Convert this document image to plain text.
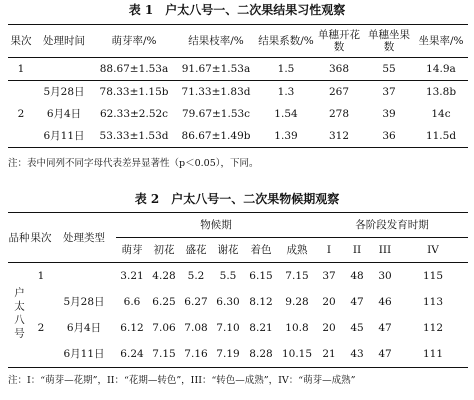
表 1　户太八号一、二次果结果习性观察
果次	处理时间	萌芽率/%	结果枝率/%	结果系数/%	单穗开花数	单穗坐果数	坐果率/%
1		88.67±1.53a	91.67±1.53a	1.5	368	55	14.9a
2	5月28日	78.33±1.15b	71.33±1.83d	1.3	267	37	13.8b
	6月4日	62.33±2.52c	79.67±1.53c	1.54	278	39	14c
	6月11日	53.33±1.53d	86.67±1.49b	1.39	312	36	11.5d
注：表中同列不同字母代表差异显著性（p＜0.05），下同。
表 2　户太八号一、二次果物候期观察
品种	果次	处理类型	物候期						各阶段发育时期			
			萌芽	初花	盛花	谢花	着色	成熟	I	II	III	IV
户太八号	1		3.21	4.28	5.2	5.5	6.15	7.15	37	48	30	115
		5月28日	6.6	6.25	6.27	6.30	8.12	9.28	20	47	46	113
	2	6月4日	6.12	7.06	7.08	7.10	8.21	10.8	20	45	47	112
		6月11日	6.24	7.15	7.16	7.19	8.28	10.15	21	43	47	111
注：I：“萌芽—花期”，II：“花期—转色”，III：“转色—成熟”，IV：“萌芽—成熟”
